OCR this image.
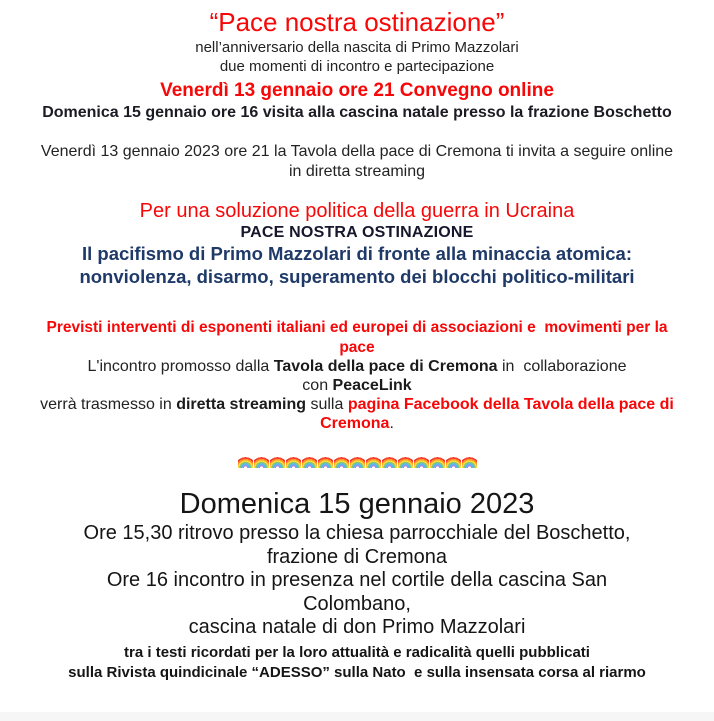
“Pace nostra ostinazione”
nell’anniversario della nascita di Primo Mazzolari
due momenti di incontro e partecipazione
Venerdì 13 gennaio ore 21 Convegno online
Domenica 15 gennaio ore 16 visita alla cascina natale presso la frazione Boschetto
Venerdì 13 gennaio 2023 ore 21 la Tavola della pace di Cremona ti invita a seguire online
in diretta streaming
Per una soluzione politica della guerra in Ucraina
PACE NOSTRA OSTINAZIONE
Il pacifismo di Primo Mazzolari di fronte alla minaccia atomica:
nonviolenza, disarmo, superamento dei blocchi politico-militari
Previsti interventi di esponenti italiani ed europei di associazioni e  movimenti per la
pace
L'incontro promosso dalla Tavola della pace di Cremona in  collaborazione
con PeaceLink
verrà trasmesso in diretta streaming sulla pagina Facebook della Tavola della pace di
Cremona.
Domenica 15 gennaio 2023
Ore 15,30 ritrovo presso la chiesa parrocchiale del Boschetto,
frazione di Cremona
Ore 16 incontro in presenza nel cortile della cascina San
Colombano,
cascina natale di don Primo Mazzolari
tra i testi ricordati per la loro attualità e radicalità quelli pubblicati
sulla Rivista quindicinale “ADESSO” sulla Nato  e sulla insensata corsa al riarmo
